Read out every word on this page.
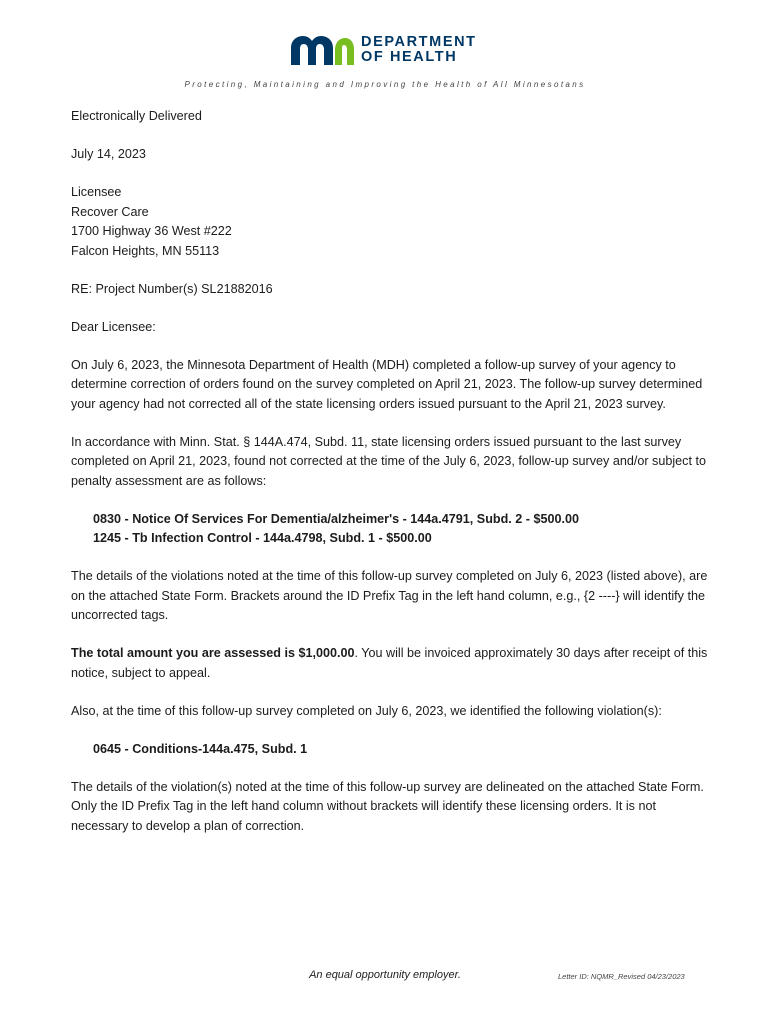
DEPARTMENT
OF HEALTH
Protecting, Maintaining and Improving the Health of All Minnesotans

Electronically Delivered

July 14, 2023

Licensee

Recover Care

1700 Highway 36 West #222

Falcon Heights, MN 55113

RE: Project Number(s) SL21882016

Dear Licensee:

On July 6, 2023, the Minnesota Department of Health (MDH) completed a follow-up survey of your agency to determine correction of orders found on the survey completed on April 21, 2023. The follow-up survey determined your agency had not corrected all of the state licensing orders issued pursuant to the April 21, 2023 survey.

In accordance with Minn. Stat. § 144A.474, Subd. 11, state licensing orders issued pursuant to the last survey completed on April 21, 2023, found not corrected at the time of the July 6, 2023, follow-up survey and/or subject to penalty assessment are as follows:

0830 - Notice Of Services For Dementia/alzheimer's - 144a.4791, Subd. 2 - $500.00
1245 - Tb Infection Control - 144a.4798, Subd. 1 - $500.00

The details of the violations noted at the time of this follow-up survey completed on July 6, 2023 (listed above), are on the attached State Form. Brackets around the ID Prefix Tag in the left hand column, e.g., {2 ----} will identify the uncorrected tags.

The total amount you are assessed is $1,000.00. You will be invoiced approximately 30 days after receipt of this notice, subject to appeal.

Also, at the time of this follow-up survey completed on July 6, 2023, we identified the following violation(s):

0645 - Conditions-144a.475, Subd. 1

The details of the violation(s) noted at the time of this follow-up survey are delineated on the attached State Form. Only the ID Prefix Tag in the left hand column without brackets will identify these licensing orders. It is not necessary to develop a plan of correction.

An equal opportunity employer.	Letter ID: NQMR_Revised 04/23/2023
